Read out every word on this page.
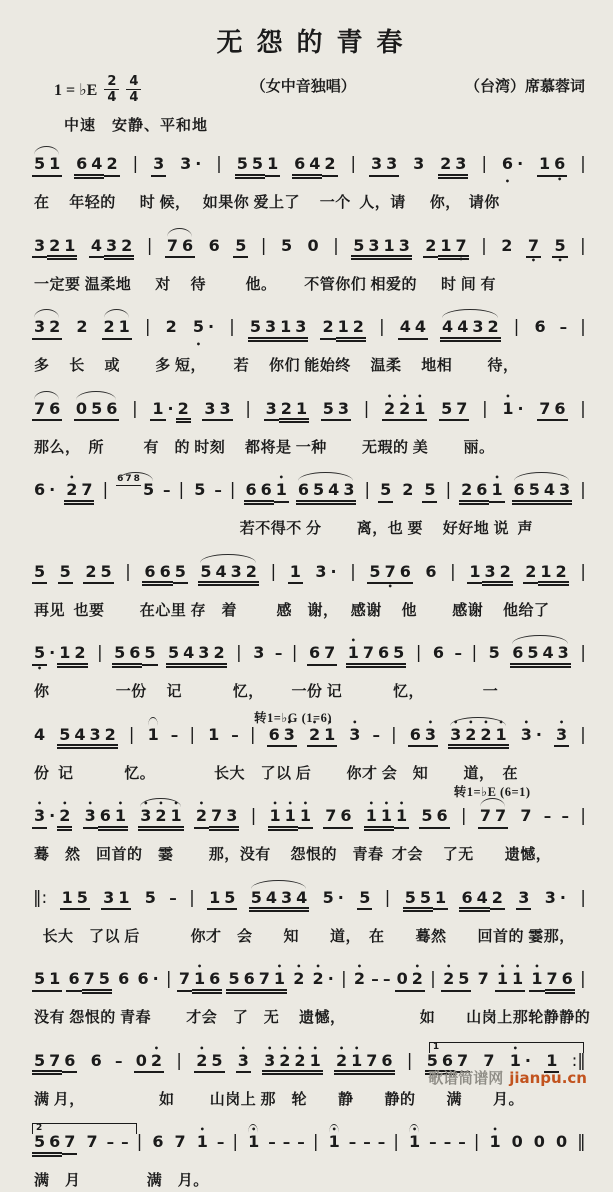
无怨的青春
1 = ♭E $\frac{2}{4} \frac{4}{4}$	（女中音独唱）	（台湾）席慕蓉词
中速　安静、平和地
5 1 6 4 2 | 3 3 · | 5 5 1 6 4 2 | 3 3 3 2 3 | 6 • · 1 6 • |
在　 年轻的 　 时 候，　 如果你 爱上了　 一个  人，请　  你，　请你
3 2 1 4 3 2 | 7 6 6 5 | 5 0 | 5 3 1 3 2 1 7 • | 2 7 • 5 • |
一定要 温柔地　  对　 待　　  他。　　 不管你们 相爱的　  时 间 有
3 2 2 2 1 | 2 5 • · | 5 3 1 3 2 1 2 | 4 4 4 4 3 2 | 6 – |
多　 长　 或　　 多 短，　　 若　 你们 能始终　 温柔　 地相　　 待，
7 6 0 5 6 | 1 · 2 3 3 | 3 2 1 5 3 | • 2 • 2 • 1 5 7 | • 1 · 7 6 |
那么，　所　　  有　的 时刻　 都将是 一种　　 无瑕的 美　　 丽。
6 · • 2 7 |
6 7 8
5 – | 5 – | 6 6 • 1 6 5 4 3 | 5 2 5 | 2 6 • 1 6 5 4 3 |
　　　　　　　　　　　　　 若不得不 分　　 离，也 要　 好好地 说  声
5 5 2 5 | 6 6 5 5 4 3 2 | 1 3 · | 5 7 • 6 6 | 1 3 2 2 1 2 |
再见  也要　　 在心里 存　着　　  感　谢，　 感谢　 他　　 感谢　 他给了
5 • · 1 2 | 5 6 5 5 4 3 2 | 3 – | 6 7 • 1 7 6 5 | 6 – | 5 6 5 4 3 |
你　　　　 一份　 记　　　 忆，　　 一份 记　　　 忆，　　　　 一
转1=♭G (1=6)
4 5 4 3 2 | 1 – | 1 – | 6 • 3 • 2 • 1 • 3 – | 6 • 3 • 3 • 2 • 2 • 1 • 3 · • 3 |
份  记　　　 忆。　　　　 长大　了以 后　　 你才 会　知　　 道，　在
转1=♭E (6=1)
• 3 · • 2 • 3 6 • 1 • 3 • 2 • 1 • 2 7 3 | • 1 • 1 • 1 7 6 • 1 • 1 • 1 5 6 | 7 7 7 – – |
蓦　然　回首的　霎　　 那，没有　 怨恨的　青春  才会　 了无　　遗憾，
‖: 1 5 3 1 5 – | 1 5 5 4 3 4 5 · 5 | 5 5 1 6 4 2 3 3 · |
长大　了以 后　　　 你才　会　　知　　道，　在　　蓦然　　回首的 霎那，
5 1 6 7 5 6 6 · | 7 • 1 6 5 6 7 • 1 • 2 • 2 · | • 2 – – 0 • 2 | • 2 5 7 • 1 • 1 • 1 7 6 |
没有 怨恨的 青春　　 才会　了　无　 遗憾，　　　　　 如　　山岗上那轮静静的
1
5 7 6 6 – 0 • 2 | • 2 5 • 3 • 3 • 2 • 2 • 1 • 2 • 1 7 6 | 5 6 7 7 • 1 · 1 :‖
满 月，　　　　　 如　　 山岗上 那　轮　　静　　静的　　满　　月。
2
5 6 7 7 – – | 6 7 • 1 – | • 1 – – – | • 1 – – – | • 1 – – – | • 1 0 0 0 ‖
满　月　　　　 满　月。
歌谱简谱网 jianpu.cn
